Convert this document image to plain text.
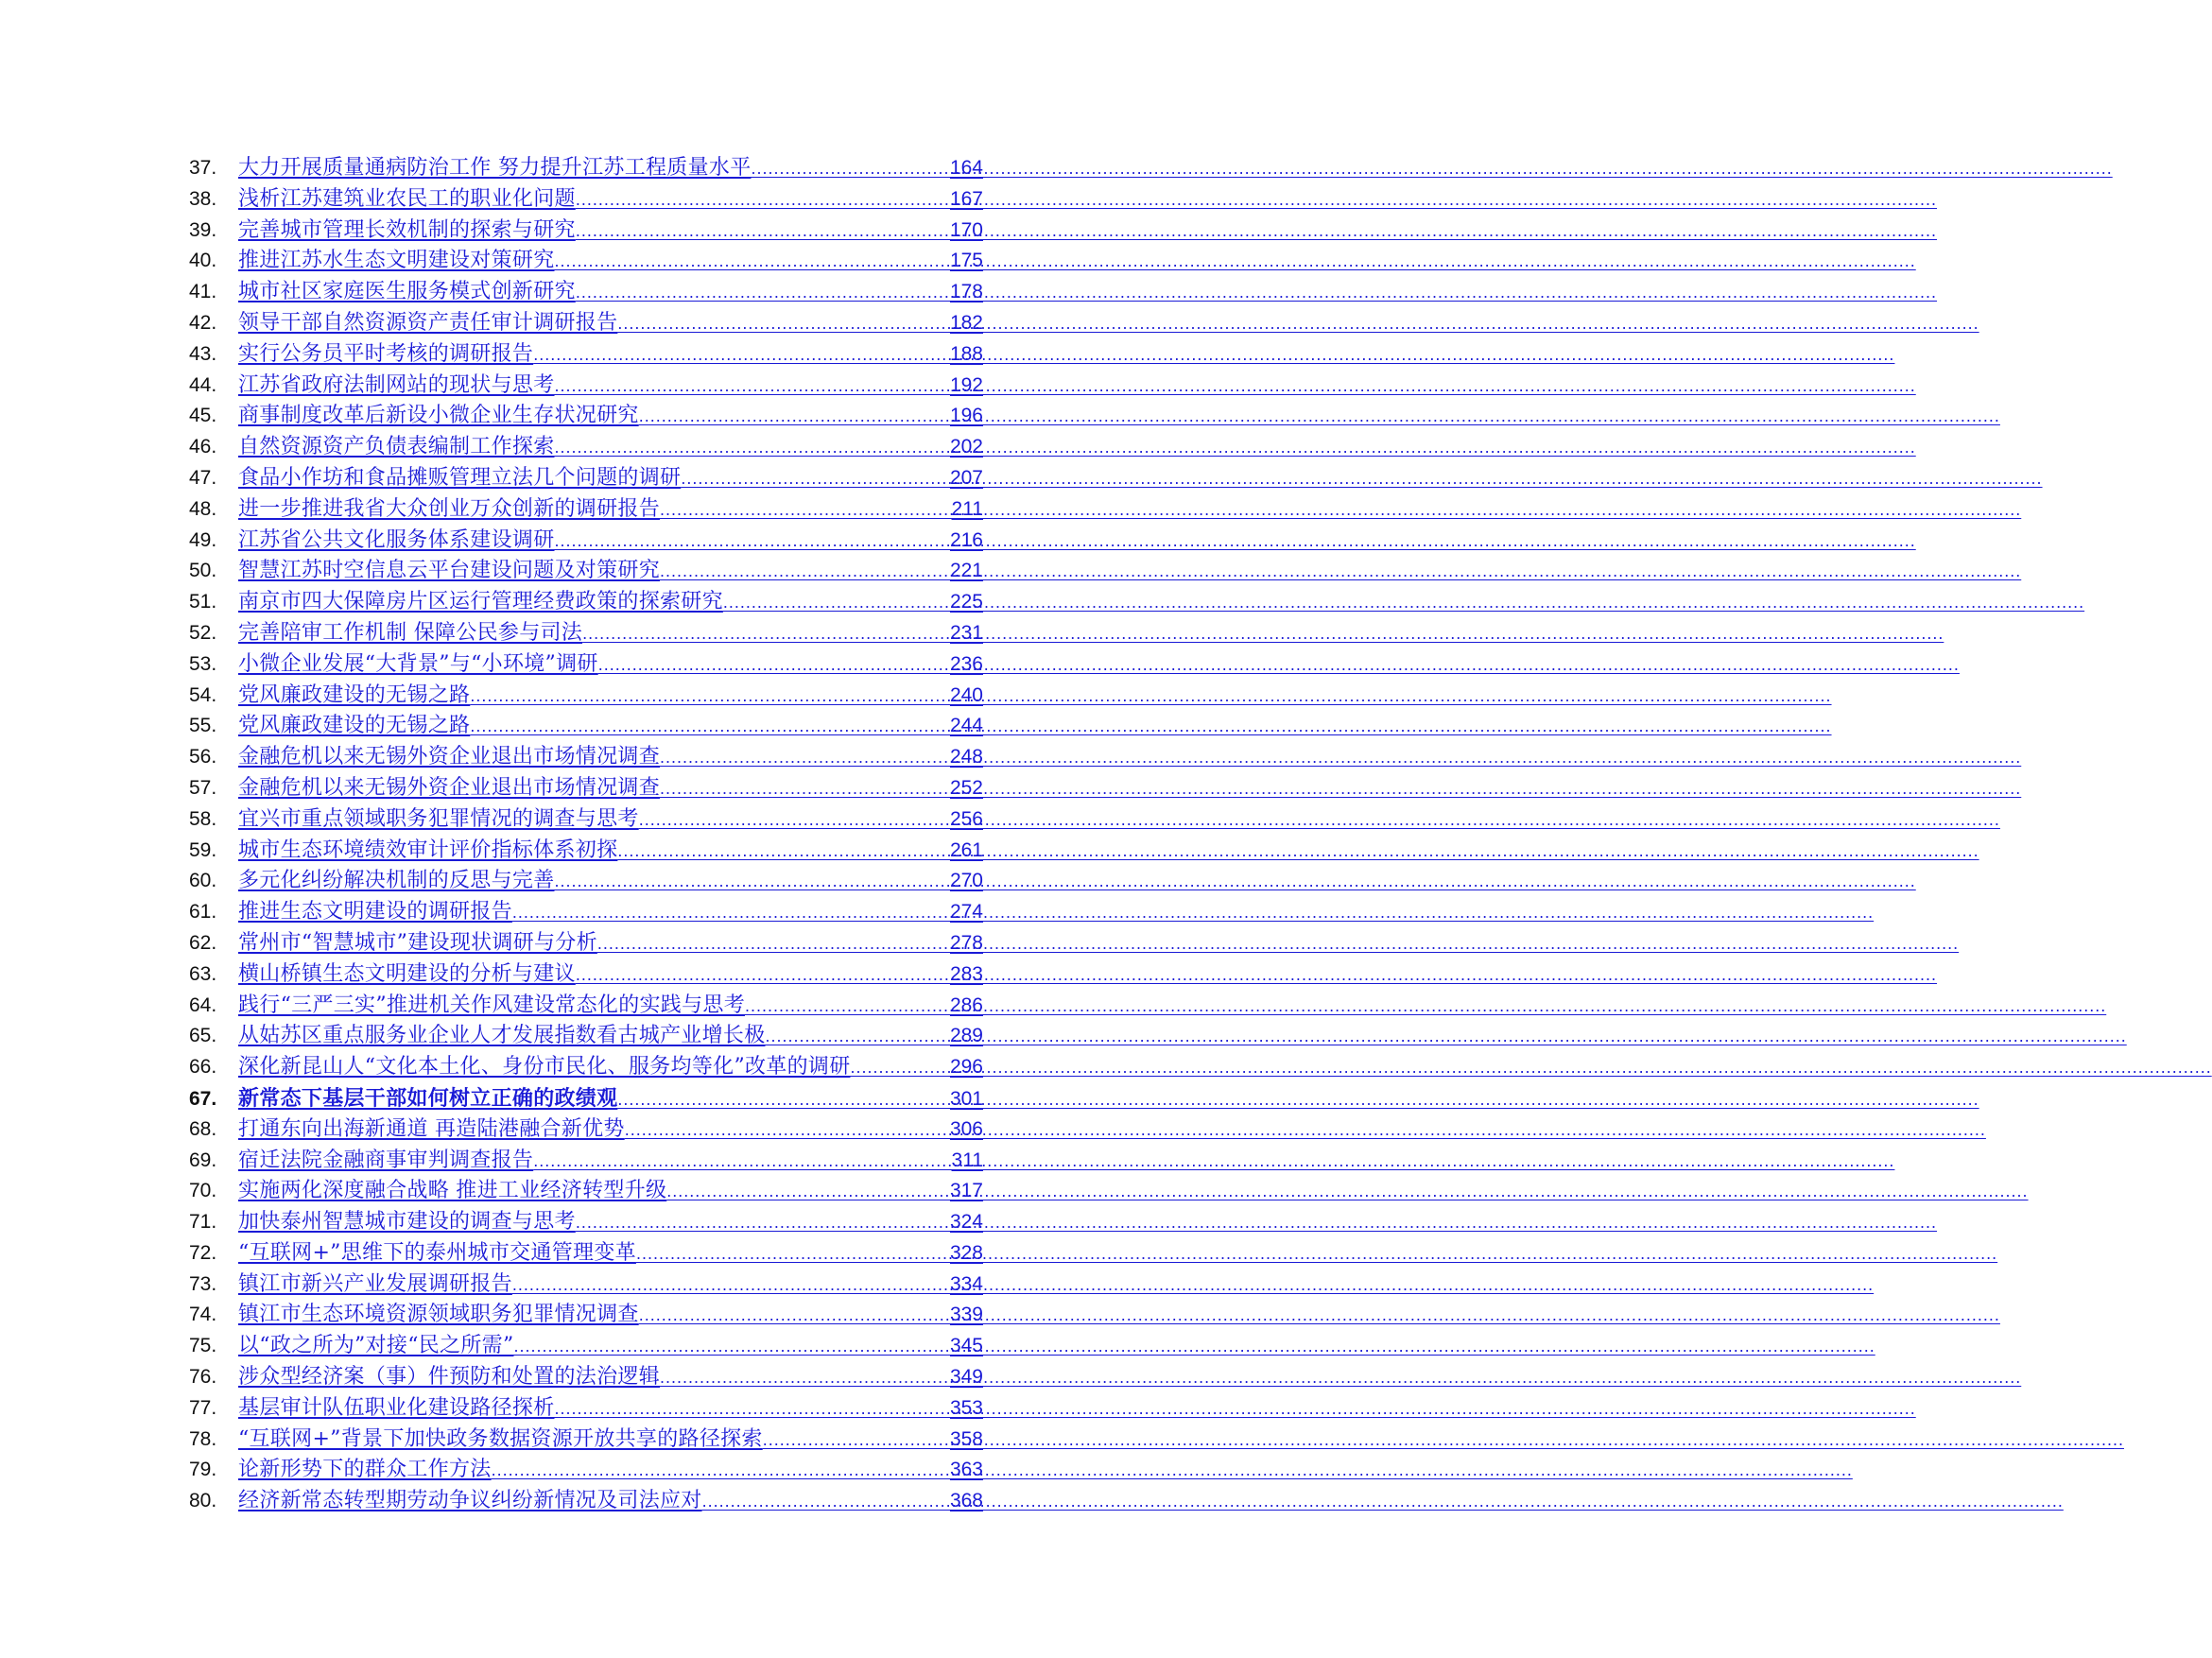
37.	大力开展质量通病防治工作 努力提升江苏工程质量水平 .....	164
38.	浅析江苏建筑业农民工的职业化问题 .....	167
39.	完善城市管理长效机制的探索与研究 .....	170
40.	推进江苏水生态文明建设对策研究 .....	175
41.	城市社区家庭医生服务模式创新研究 .....	178
42.	领导干部自然资源资产责任审计调研报告 .....	182
43.	实行公务员平时考核的调研报告 .....	188
44.	江苏省政府法制网站的现状与思考 .....	192
45.	商事制度改革后新设小微企业生存状况研究 .....	196
46.	自然资源资产负债表编制工作探索 .....	202
47.	食品小作坊和食品摊贩管理立法几个问题的调研 .....	207
48.	进一步推进我省大众创业万众创新的调研报告 .....	211
49.	江苏省公共文化服务体系建设调研 .....	216
50.	智慧江苏时空信息云平台建设问题及对策研究 .....	221
51.	南京市四大保障房片区运行管理经费政策的探索研究 .....	225
52.	完善陪审工作机制 保障公民参与司法 .....	231
53.	小微企业发展“大背景”与“小环境”调研 .....	236
54.	党风廉政建设的无锡之路 .....	240
55.	党风廉政建设的无锡之路 .....	244
56.	金融危机以来无锡外资企业退出市场情况调查 .....	248
57.	金融危机以来无锡外资企业退出市场情况调查 .....	252
58.	宜兴市重点领域职务犯罪情况的调查与思考 .....	256
59.	城市生态环境绩效审计评价指标体系初探 .....	261
60.	多元化纠纷解决机制的反思与完善 .....	270
61.	推进生态文明建设的调研报告 .....	274
62.	常州市“智慧城市”建设现状调研与分析 .....	278
63.	横山桥镇生态文明建设的分析与建议 .....	283
64.	践行“三严三实”推进机关作风建设常态化的实践与思考 .....	286
65.	从姑苏区重点服务业企业人才发展指数看古城产业增长极 .....	289
66.	深化新昆山人“文化本土化、身份市民化、服务均等化”改革的调研 .....	296
67.	新常态下基层干部如何树立正确的政绩观 .....	301
68.	打通东向出海新通道 再造陆港融合新优势 .....	306
69.	宿迁法院金融商事审判调查报告 .....	311
70.	实施两化深度融合战略 推进工业经济转型升级 .....	317
71.	加快泰州智慧城市建设的调查与思考 .....	324
72.	“互联网+”思维下的泰州城市交通管理变革 .....	328
73.	镇江市新兴产业发展调研报告 .....	334
74.	镇江市生态环境资源领域职务犯罪情况调查 .....	339
75.	以“政之所为”对接“民之所需” .....	345
76.	涉众型经济案（事）件预防和处置的法治逻辑 .....	349
77.	基层审计队伍职业化建设路径探析 .....	353
78.	“互联网+”背景下加快政务数据资源开放共享的路径探索 .....	358
79.	论新形势下的群众工作方法 .....	363
80.	经济新常态转型期劳动争议纠纷新情况及司法应对 .....	368
